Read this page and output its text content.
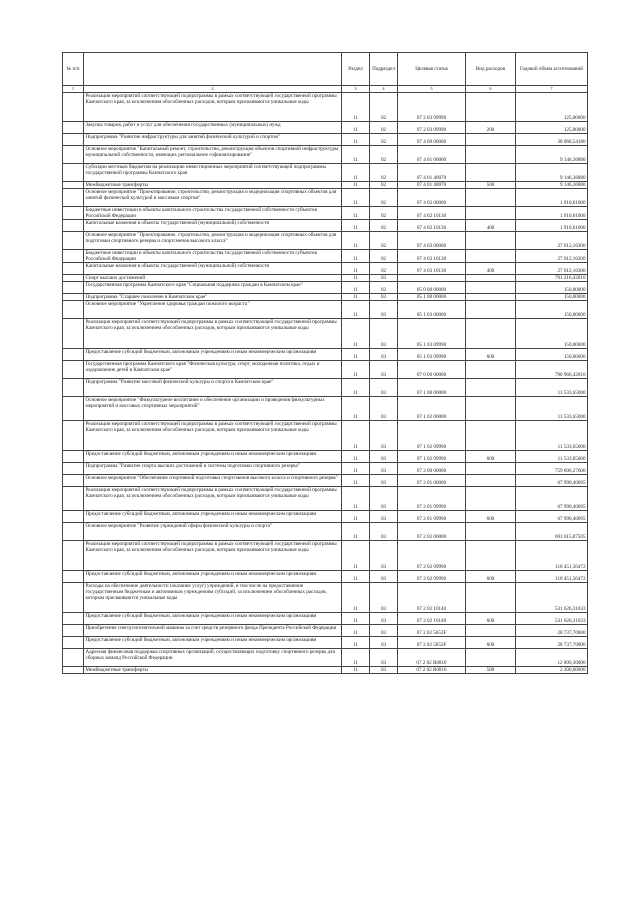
№ п/п		Раздел	Подраздел	Целевая статья	Вид расходов	Годовой объем ассигнований
1	2	3	4	5	6	7
	Реализация мероприятий соответствующей подпрограммы в рамках соответствующей государственной программы Камчатского края, за исключением обособленных расходов, которым присваиваются уникальные коды	11	02	07 2 03 09990		125,00000
	Закупка товаров, работ и услуг для обеспечения государственных (муниципальных) нужд	11	02	07 2 03 09990	200	125,00000
	Подпрограмма "Развитие инфраструктуры для занятий физической культурой и спортом"	11	02	07 4 00 00000		38 068,54180
	Основное мероприятие "Капитальный ремонт, строительство, реконструкция объектов спортивной инфраструктуры муниципальной собственности, имеющих региональное софинансирование"	11	02	07 4 01 00000		9 146,36880
	Субсидии местным бюджетам на реализацию инвестиционных мероприятий соответствующей подпрограммы государственной программы Камчатского края	11	02	07 4 01 40070		9 146,36880
	Межбюджетные трансферты	11	02	07 4 01 40070	500	9 146,36880
	Основное мероприятие "Проектирование, строительство, реконструкция и модернизация спортивных объектов для занятий физической культурой и массовым спортом"	11	02	07 4 02 00000		1 910,01000
	Бюджетные инвестиции в объекты капитального строительства государственной собственности субъектов Российской Федерации	11	02	07 4 02 10130		1 910,01000
	Капитальные вложения в объекты государственной (муниципальной) собственности	11	02	07 4 02 10130	400	1 910,01000
	Основное мероприятие "Проектирование, строительство, реконструкция и модернизация спортивных объектов для подготовки спортивного резерва и спортсменов высокого класса"	11	02	07 4 03 00000		27 012,16300
	Бюджетные инвестиции в объекты капитального строительства государственной собственности субъектов Российской Федерации	11	02	07 4 03 10130		27 012,16300
	Капитальные вложения в объекты государственной (муниципальной) собственности	11	02	07 4 03 10130	400	27 012,16300
	Спорт высших достижений	11	03			791 216,42010
	Государственная программа Камчатского края "Социальная поддержка граждан в Камчатском крае"	11	03	05 0 00 00000		150,00000
	Подпрограмма "Старшее поколение в Камчатском крае"	11	03	05 1 00 00000		150,00000
	Основное мероприятие "Укрепление здоровья граждан пожилого возраста "	11	03	05 1 03 00000		150,00000
	Реализация мероприятий соответствующей подпрограммы в рамках соответствующей государственной программы Камчатского края, за исключением обособленных расходов, которым присваиваются уникальные коды	11	03	05 1 03 09990		150,00000
	Предоставление субсидий бюджетным, автономным учреждениям и иным некоммерческим организациям	11	03	05 1 03 09990	600	150,00000
	Государственная программа Камчатского края "Физическая культура, спорт, молодежная политика, отдых и оздоровление детей в Камчатском крае"	11	03	07 0 00 00000		790 966,42010
	Подпрограмма "Развитие массовой физической культуры и спорта в Камчатском крае"	11	03	07 1 00 00000		11 533,65000
	Основное мероприятие "Физкультурное воспитание и обеспечение организации и проведения физкультурных мероприятий и массовых спортивных мероприятий"	11	03	07 1 02 00000		11 533,65000
	Реализация мероприятий соответствующей подпрограммы в рамках соответствующей государственной программы Камчатского края, за исключением обособленных расходов, которым присваиваются уникальные коды	11	03	07 1 02 09990		11 533,65000
	Предоставление субсидий бюджетным, автономным учреждениям и иным некоммерческим организациям	11	03	07 1 02 09990	600	11 533,65000
	Подпрограмма "Развитие спорта высших достижений и системы подготовки спортивного резерва"	11	03	07 2 00 00000		759 606,27600
	Основное мероприятие "Обеспечение спортивной подготовки спортсменов высокого класса и спортивного резерва"	11	03	07 2 01 00000		67 990,40095
	Реализация мероприятий соответствующей подпрограммы в рамках соответствующей государственной программы Камчатского края, за исключением обособленных расходов, которым присваиваются уникальные коды	11	03	07 2 01 09990		67 990,40095
	Предоставление субсидий бюджетным, автономным учреждениям и иным некоммерческим организациям	11	03	07 2 01 09990	600	67 990,40095
	Основное мероприятие "Развитие учреждений сферы физической культуры и спорта"	11	03	07 2 02 00000		691 615,87505
	Реализация мероприятий соответствующей подпрограммы в рамках соответствующей государственной программы Камчатского края, за исключением обособленных расходов, которым присваиваются уникальные коды	11	03	07 2 02 09990		118 451,56472
	Предоставление субсидий бюджетным, автономным учреждениям и иным некоммерческим организациям	11	03	07 2 02 09990	600	118 451,56472
	Расходы на обеспечение деятельности (оказание услуг) учреждений, в том числе на предоставление государственным бюджетным и автономным учреждениям субсидий, за исключением обособленных расходов, которым присваиваются уникальные коды	11	03	07 2 02 10140		531 626,31033
	Предоставление субсидий бюджетным, автономным учреждениям и иным некоммерческим организациям	11	03	07 2 02 10140	600	531 626,31033
	Приобретение снегоуплотнительной машины за счет средств резервного фонда Президента Российской Федерации	11	03	07 2 02 5653F		28 737,70000
	Предоставление субсидий бюджетным, автономным учреждениям и иным некоммерческим организациям	11	03	07 2 02 5653F	600	28 737,70000
	Адресная финансовая поддержка спортивных организаций, осуществляющих подготовку спортивного резерва для сборных команд Российской Федерации	11	03	07 2 02 R0810		12 800,30000
	Межбюджетные трансферты	11	03	07 2 02 R0810	500	2 300,00000
